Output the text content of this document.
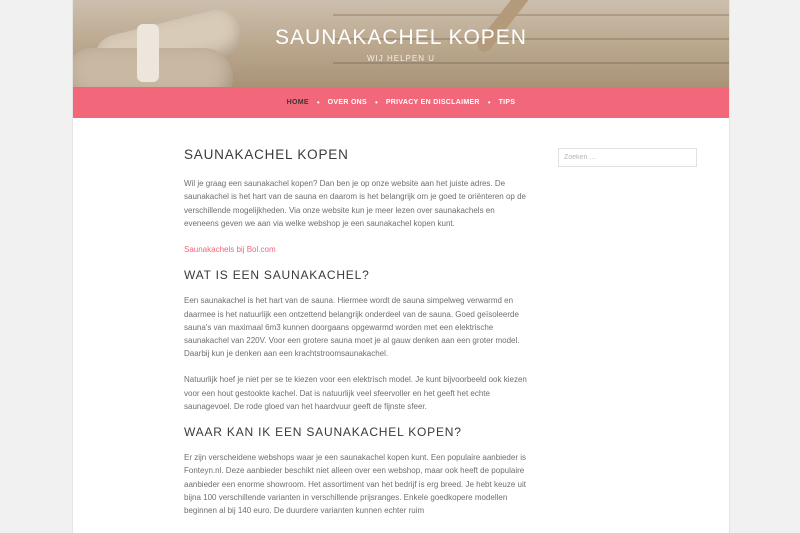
SAUNAKACHEL KOPEN
WIJ HELPEN U
HOME • OVER ONS • PRIVACY EN DISCLAIMER • TIPS
SAUNAKACHEL KOPEN

Wil je graag een saunakachel kopen? Dan ben je op onze website aan het juiste adres. De saunakachel is het hart van de sauna en daarom is het belangrijk om je goed te oriënteren op de verschillende mogelijkheden. Via onze website kun je meer lezen over saunakachels en eveneens geven we aan via welke webshop je een saunakachel kopen kunt.

Saunakachels bij Bol.com

WAT IS EEN SAUNAKACHEL?

Een saunakachel is het hart van de sauna. Hiermee wordt de sauna simpelweg verwarmd en daarmee is het natuurlijk een ontzettend belangrijk onderdeel van de sauna. Goed geïsoleerde sauna's van maximaal 6m3 kunnen doorgaans opgewarmd worden met een elektrische saunakachel van 220V. Voor een grotere sauna moet je al gauw denken aan een groter model. Daarbij kun je denken aan een krachtstroomsaunakachel.

Natuurlijk hoef je niet per se te kiezen voor een elektrisch model. Je kunt bijvoorbeeld ook kiezen voor een hout gestookte kachel. Dat is natuurlijk veel sfeervoller en het geeft het echte saunagevoel. De rode gloed van het haardvuur geeft de fijnste sfeer.

WAAR KAN IK EEN SAUNAKACHEL KOPEN?

Er zijn verscheidene webshops waar je een saunakachel kopen kunt. Een populaire aanbieder is Fonteyn.nl. Deze aanbieder beschikt niet alleen over een webshop, maar ook heeft de populaire aanbieder een enorme showroom. Het assortiment van het bedrijf is erg breed. Je hebt keuze uit bijna 100 verschillende varianten in verschillende prijsranges. Enkele goedkopere modellen beginnen al bij 140 euro. De duurdere varianten kunnen echter ruim

Zoeken …
